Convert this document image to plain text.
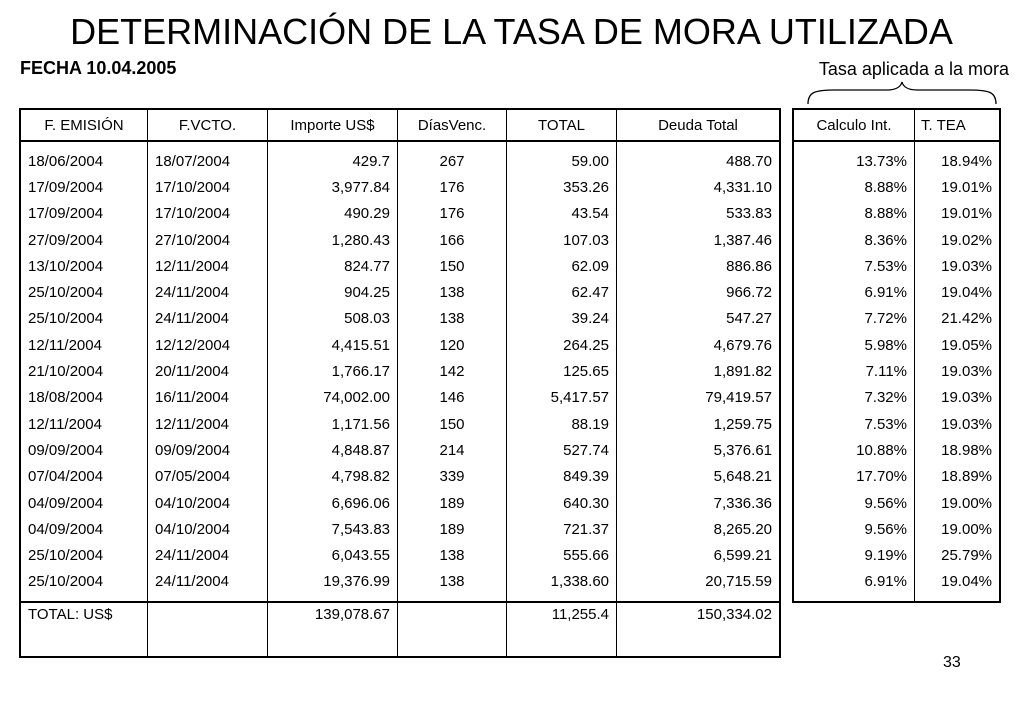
DETERMINACIÓN DE LA TASA DE MORA UTILIZADA
FECHA 10.04.2005	Tasa aplicada a la mora
F. EMISIÓN	F.VCTO.	Importe US$	DíasVenc.	TOTAL	Deuda Total
18/06/2004	18/07/2004	429.7	267	59.00	488.70
17/09/2004	17/10/2004	3,977.84	176	353.26	4,331.10
17/09/2004	17/10/2004	490.29	176	43.54	533.83
27/09/2004	27/10/2004	1,280.43	166	107.03	1,387.46
13/10/2004	12/11/2004	824.77	150	62.09	886.86
25/10/2004	24/11/2004	904.25	138	62.47	966.72
25/10/2004	24/11/2004	508.03	138	39.24	547.27
12/11/2004	12/12/2004	4,415.51	120	264.25	4,679.76
21/10/2004	20/11/2004	1,766.17	142	125.65	1,891.82
18/08/2004	16/11/2004	74,002.00	146	5,417.57	79,419.57
12/11/2004	12/11/2004	1,171.56	150	88.19	1,259.75
09/09/2004	09/09/2004	4,848.87	214	527.74	5,376.61
07/04/2004	07/05/2004	4,798.82	339	849.39	5,648.21
04/09/2004	04/10/2004	6,696.06	189	640.30	7,336.36
04/09/2004	04/10/2004	7,543.83	189	721.37	8,265.20
25/10/2004	24/11/2004	6,043.55	138	555.66	6,599.21
25/10/2004	24/11/2004	19,376.99	138	1,338.60	20,715.59
TOTAL: US$		139,078.67		11,255.4	150,334.02
Calculo Int.	T. TEA
13.73%	18.94%
8.88%	19.01%
8.88%	19.01%
8.36%	19.02%
7.53%	19.03%
6.91%	19.04%
7.72%	21.42%
5.98%	19.05%
7.11%	19.03%
7.32%	19.03%
7.53%	19.03%
10.88%	18.98%
17.70%	18.89%
9.56%	19.00%
9.56%	19.00%
9.19%	25.79%
6.91%	19.04%
33
